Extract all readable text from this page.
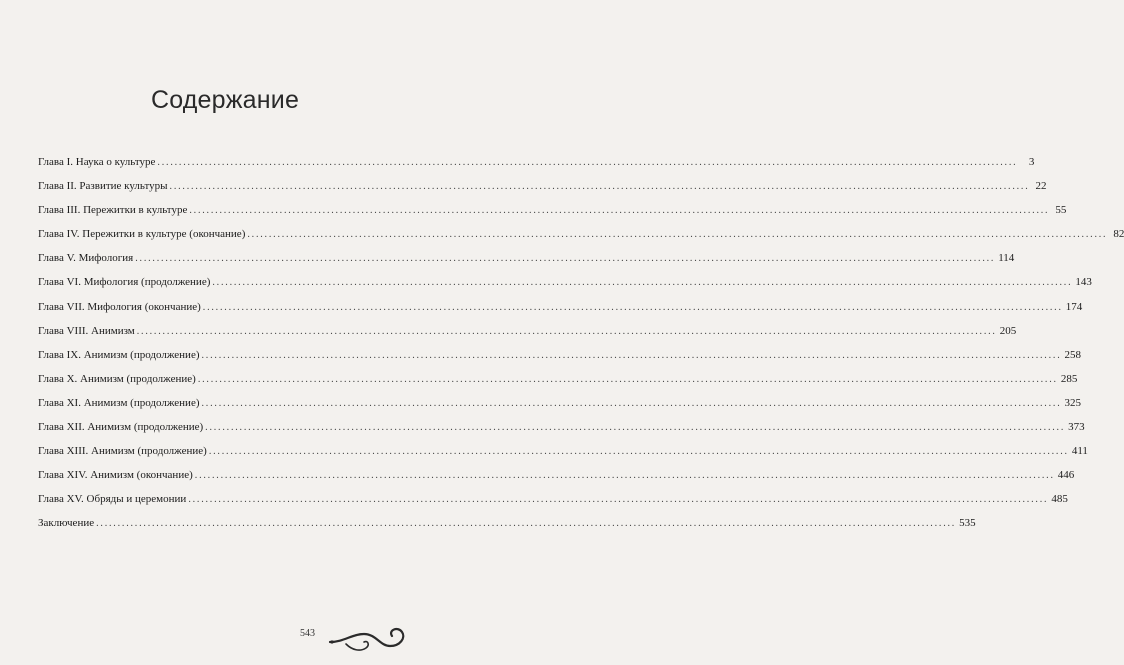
Содержание
Глава I. Наука о культуре ........................................................................................................................................................................................................	3
Глава II. Развитие культуры ........................................................................................................................................................................................................ 22
Глава III. Пережитки в культуре ........................................................................................................................................................................................................ 55
Глава IV. Пережитки в культуре (окончание) ........................................................................................................................................................................................................ 82
Глава V. Мифология ........................................................................................................................................................................................................ 114
Глава VI. Мифология (продолжение) ........................................................................................................................................................................................................ 143
Глава VII. Мифология (окончание) ........................................................................................................................................................................................................ 174
Глава VIII. Анимизм ........................................................................................................................................................................................................ 205
Глава IX. Анимизм (продолжение) ........................................................................................................................................................................................................ 258
Глава X. Анимизм (продолжение) ........................................................................................................................................................................................................ 285
Глава XI. Анимизм (продолжение) ........................................................................................................................................................................................................ 325
Глава XII. Анимизм (продолжение) ........................................................................................................................................................................................................ 373
Глава XIII. Анимизм (продолжение) ........................................................................................................................................................................................................ 411
Глава XIV. Анимизм (окончание) ........................................................................................................................................................................................................ 446
Глава XV. Обряды и церемонии ........................................................................................................................................................................................................ 485
Заключение ........................................................................................................................................................................................................ 535
543
